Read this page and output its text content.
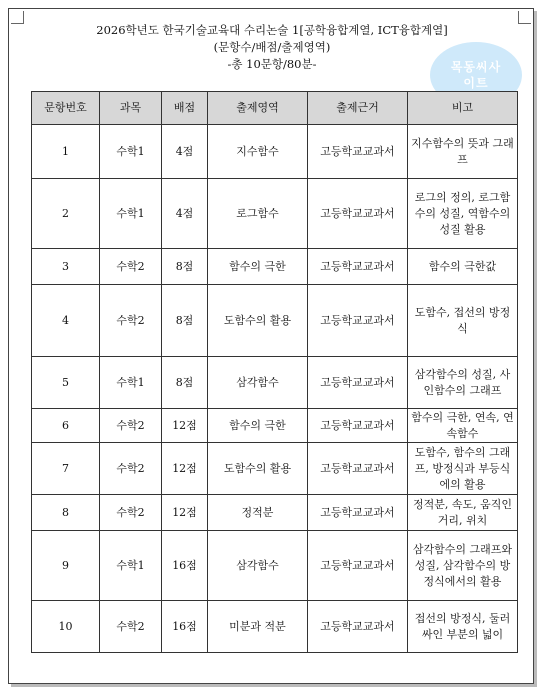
2026학년도 한국기술교육대 수리논술 1[공학융합계열, ICT융합계열]
(문항수/배점/출제영역)
-총 10문항/80분-	목동씨사
이트
문항번호	과목	배점	출제영역	출제근거	비고
1	수학1	4점	지수함수	고등학교교과서	지수함수의 뜻과 그래프
2	수학1	4점	로그함수	고등학교교과서	로그의 정의, 로그함수의 성질, 역함수의 성질 활용
3	수학2	8점	함수의 극한	고등학교교과서	함수의 극한값
4	수학2	8점	도함수의 활용	고등학교교과서	도함수, 접선의 방정식
5	수학1	8점	삼각함수	고등학교교과서	삼각함수의 성질, 사인함수의 그래프
6	수학2	12점	함수의 극한	고등학교교과서	함수의 극한, 연속, 연속함수
7	수학2	12점	도함수의 활용	고등학교교과서	도함수, 함수의 그래프, 방정식과 부등식에의 활용
8	수학2	12점	정적분	고등학교교과서	정적분, 속도, 움직인 거리, 위치
9	수학1	16점	삼각함수	고등학교교과서	삼각함수의 그래프와 성질, 삼각함수의 방정식에서의 활용
10	수학2	16점	미분과 적분	고등학교교과서	접선의 방정식, 둘러싸인 부분의 넓이
